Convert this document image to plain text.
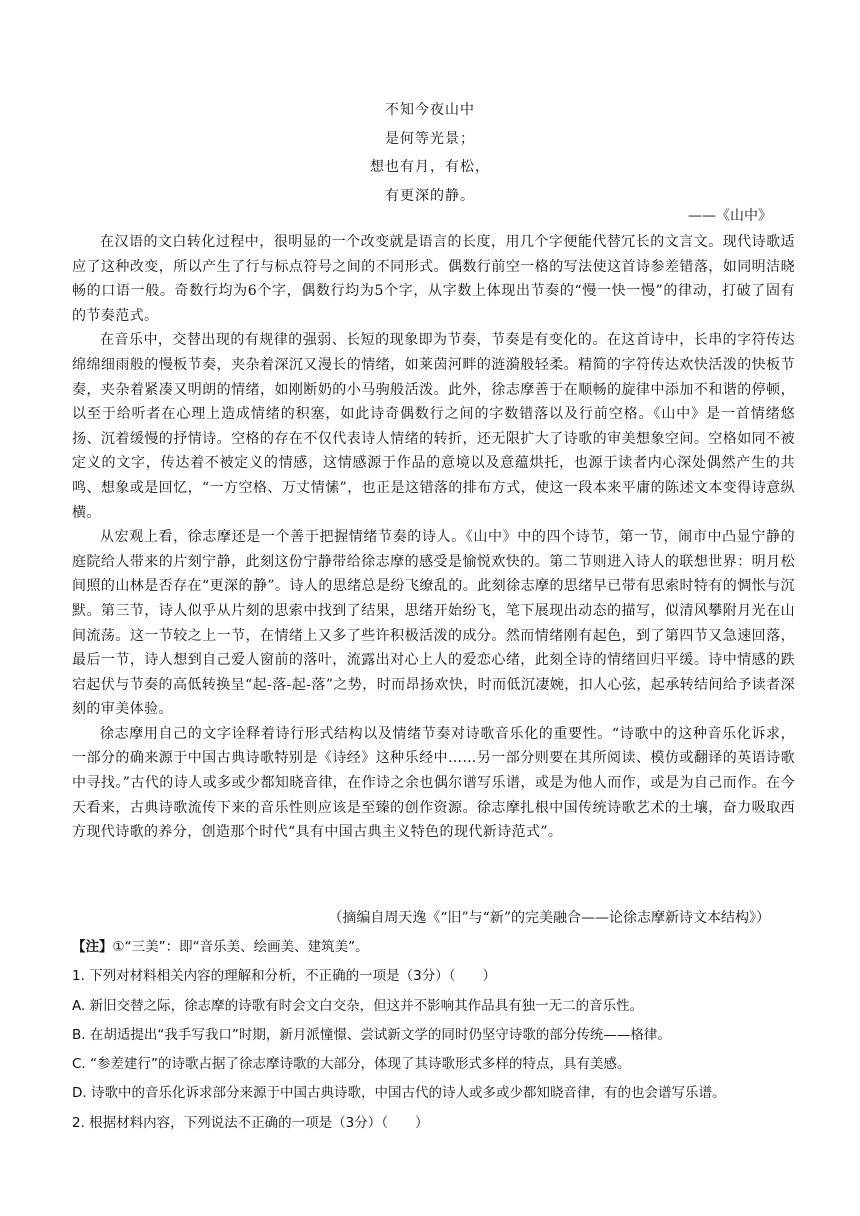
不知今夜山中
是何等光景；
想也有月，有松，
有更深的静。
——《山中》

在汉语的文白转化过程中，很明显的一个改变就是语言的长度，用几个字便能代替冗长的文言文。现代诗歌适应了这种改变，所以产生了行与标点符号之间的不同形式。偶数行前空一格的写法使这首诗参差错落，如同明洁晓畅的口语一般。奇数行均为6个字，偶数行均为5个字，从字数上体现出节奏的“慢一快一慢”的律动，打破了固有的节奏范式。

在音乐中，交替出现的有规律的强弱、长短的现象即为节奏，节奏是有变化的。在这首诗中，长串的字符传达绵绵细雨般的慢板节奏，夹杂着深沉又漫长的情绪，如莱茵河畔的涟漪般轻柔。精简的字符传达欢快活泼的快板节奏，夹杂着紧凑又明朗的情绪，如刚断奶的小马驹般活泼。此外，徐志摩善于在顺畅的旋律中添加不和谐的停顿，以至于给听者在心理上造成情绪的积塞，如此诗奇偶数行之间的字数错落以及行前空格。《山中》是一首情绪悠扬、沉着缓慢的抒情诗。空格的存在不仅代表诗人情绪的转折，还无限扩大了诗歌的审美想象空间。空格如同不被定义的文字，传达着不被定义的情感，这情感源于作品的意境以及意蕴烘托，也源于读者内心深处偶然产生的共鸣、想象或是回忆，“一方空格、万丈情愫”，也正是这错落的排布方式，使这一段本来平庸的陈述文本变得诗意纵横。

从宏观上看，徐志摩还是一个善于把握情绪节奏的诗人。《山中》中的四个诗节，第一节，闹市中凸显宁静的庭院给人带来的片刻宁静，此刻这份宁静带给徐志摩的感受是愉悦欢快的。第二节则进入诗人的联想世界：明月松间照的山林是否存在“更深的静”。诗人的思绪总是纷飞缭乱的。此刻徐志摩的思绪早已带有思索时特有的惆怅与沉默。第三节，诗人似乎从片刻的思索中找到了结果，思绪开始纷飞，笔下展现出动态的描写，似清风攀附月光在山间流荡。这一节较之上一节，在情绪上又多了些许积极活泼的成分。然而情绪刚有起色，到了第四节又急速回落，最后一节，诗人想到自己爱人窗前的落叶，流露出对心上人的爱恋心绪，此刻全诗的情绪回归平缓。诗中情感的跌宕起伏与节奏的高低转换呈“起-落-起-落”之势，时而昂扬欢快，时而低沉凄婉，扣人心弦，起承转结间给予读者深刻的审美体验。

徐志摩用自己的文字诠释着诗行形式结构以及情绪节奏对诗歌音乐化的重要性。“诗歌中的这种音乐化诉求，一部分的确来源于中国古典诗歌特别是《诗经》这种乐经中……另一部分则要在其所阅读、模仿或翻译的英语诗歌中寻找。”古代的诗人或多或少都知晓音律，在作诗之余也偶尔谱写乐谱，或是为他人而作，或是为自己而作。在今天看来，古典诗歌流传下来的音乐性则应该是至臻的创作资源。徐志摩扎根中国传统诗歌艺术的土壤，奋力吸取西方现代诗歌的养分，创造那个时代“具有中国古典主义特色的现代新诗范式”。

（摘编自周天逸《“旧”与“新”的完美融合——论徐志摩新诗文本结构》）
【注】①“三美”：即“音乐美、绘画美、建筑美”。
1. 下列对材料相关内容的理解和分析，不正确的一项是（3分）（　　）
A. 新旧交替之际，徐志摩的诗歌有时会文白交杂，但这并不影响其作品具有独一无二的音乐性。
B. 在胡适提出“我手写我口”时期，新月派憧憬、尝试新文学的同时仍坚守诗歌的部分传统——格律。
C. “参差建行”的诗歌占据了徐志摩诗歌的大部分，体现了其诗歌形式多样的特点，具有美感。
D. 诗歌中的音乐化诉求部分来源于中国古典诗歌，中国古代的诗人或多或少都知晓音律，有的也会谱写乐谱。
2. 根据材料内容，下列说法不正确的一项是（3分）（　　）
